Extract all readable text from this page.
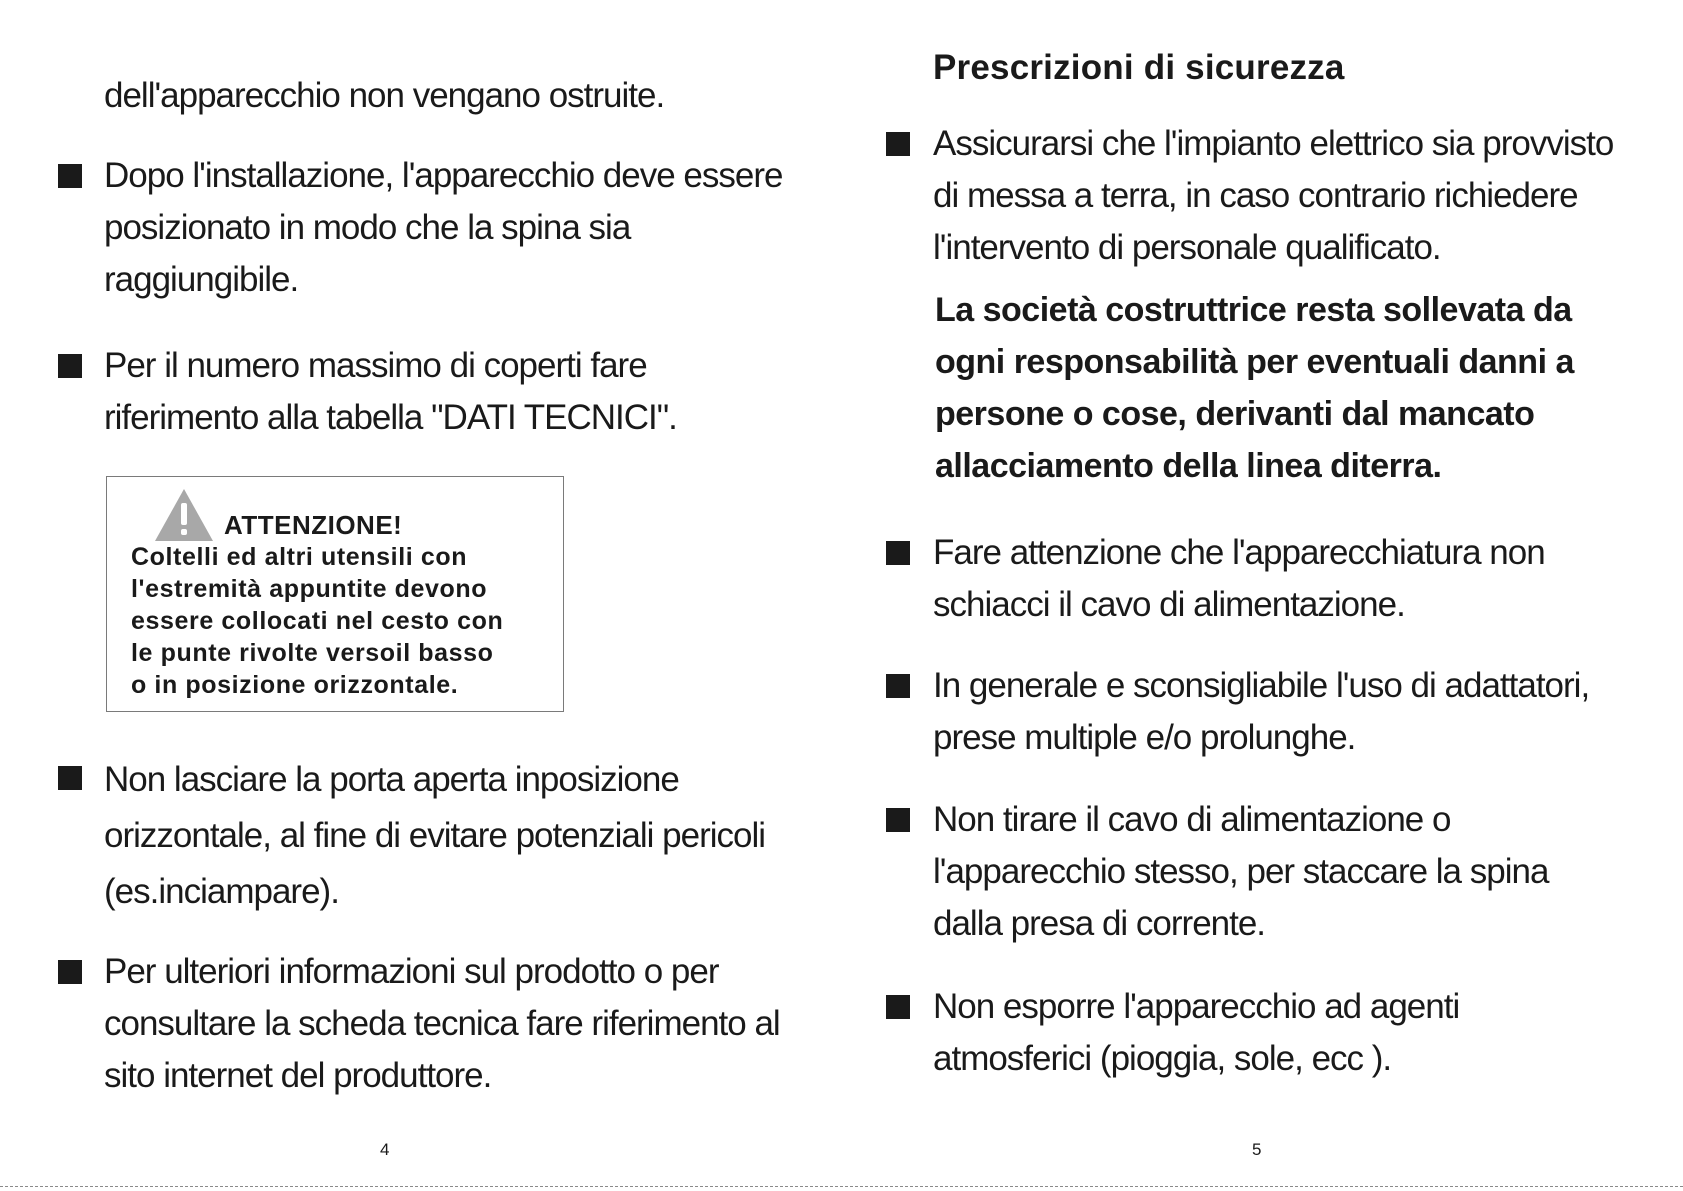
dell'apparecchio non vengano ostruite.

Dopo l'installazione, l'apparecchio deve essere
posizionato in modo che la spina sia
raggiungibile.
Per il numero massimo di coperti fare
riferimento alla tabella "DATI TECNICI".
ATTENZIONE!
Coltelli ed altri utensili con
l'estremità appuntite devono
essere collocati nel cesto con
le punte rivolte versoil basso
o in posizione orizzontale.
Non lasciare la porta aperta inposizione
orizzontale, al fine di evitare potenziali pericoli
(es.inciampare).
Per ulteriori informazioni sul prodotto o per
consultare la scheda tecnica fare riferimento al
sito internet del produttore.
4
Prescrizioni di sicurezza
Assicurarsi che l'impianto elettrico sia provvisto
di messa a terra, in caso contrario richiedere
l'intervento di personale qualificato.

La società costruttrice resta sollevata da
ogni responsabilità per eventuali danni a
persone o cose, derivanti dal mancato
allacciamento della linea diterra.

Fare attenzione che l'apparecchiatura non
schiacci il cavo di alimentazione.
In generale e sconsigliabile l'uso di adattatori,
prese multiple e/o prolunghe.
Non tirare il cavo di alimentazione o
l'apparecchio stesso, per staccare la spina
dalla presa di corrente.
Non esporre l'apparecchio ad agenti
atmosferici (pioggia, sole, ecc ).
5
